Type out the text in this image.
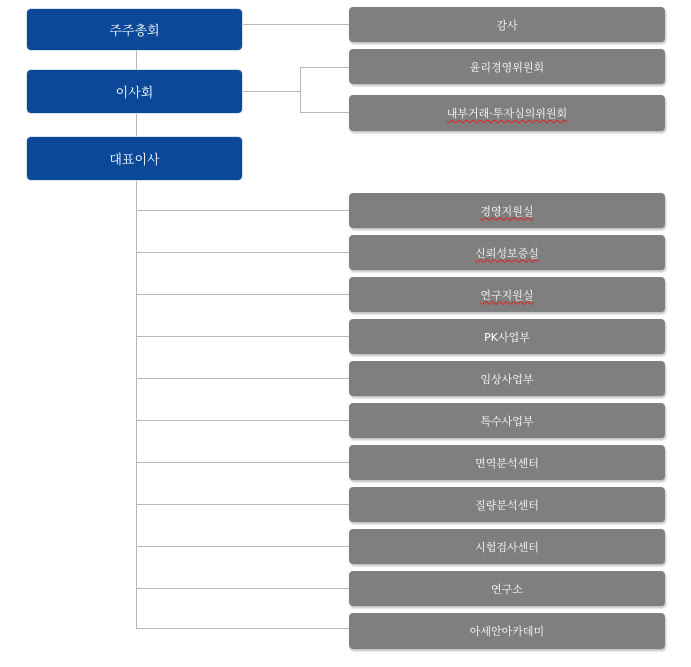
주주총회
이사회
대표이사
감사
윤리경영위원회
내부거래·투자심의위원회
경영지원실
신뢰성보증실
연구지원실
PK사업부
임상사업부
특수사업부
면역분석센터
질량분석센터
시험검사센터
연구소
아세안아카데미
